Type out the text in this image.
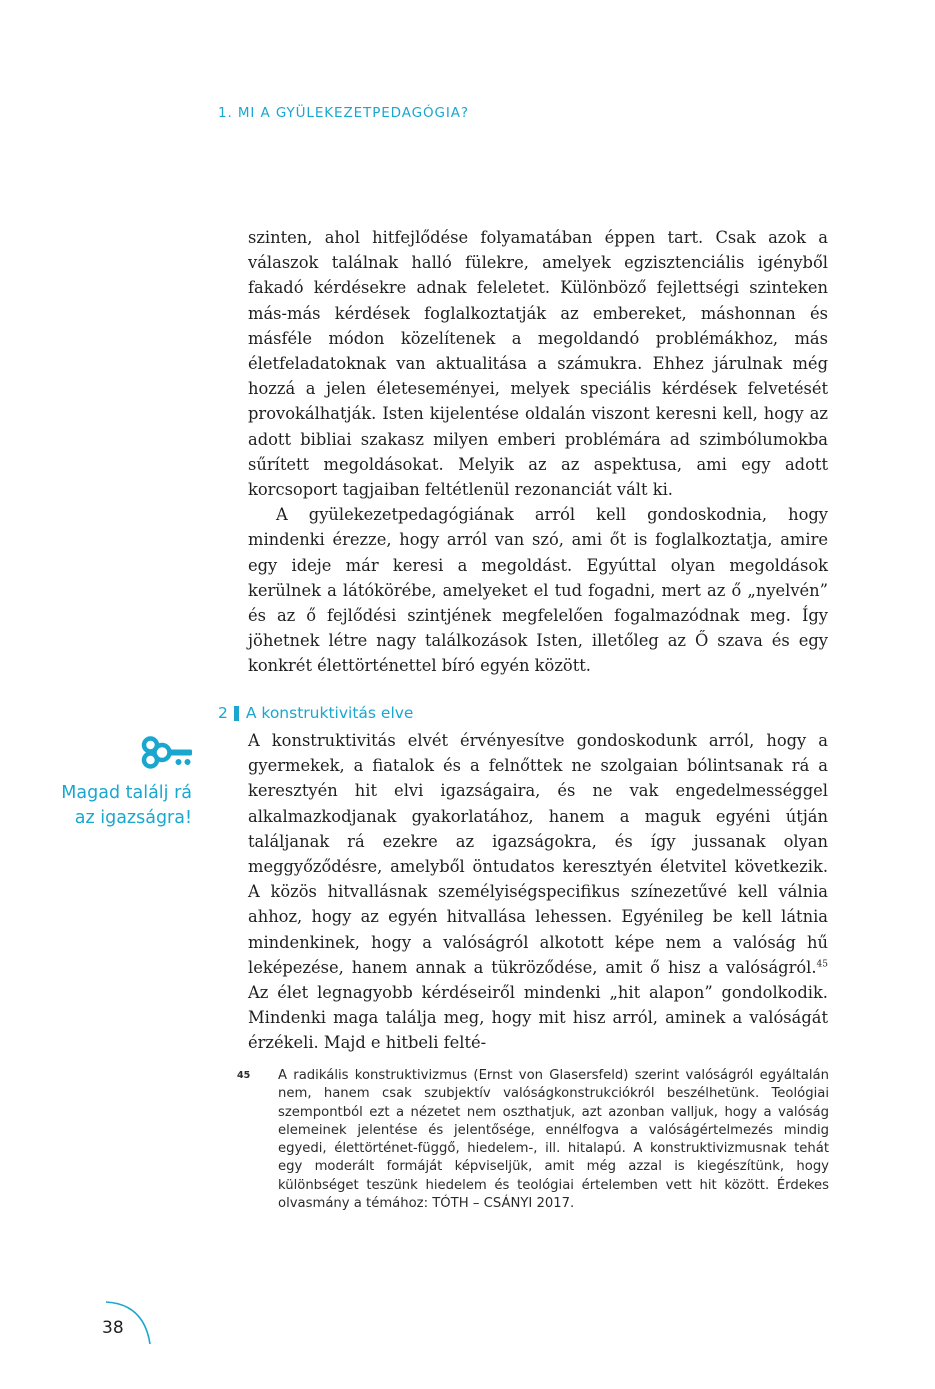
1. MI A GYÜLEKEZETPEDAGÓGIA?

szinten, ahol hitfejlődése folyamatában éppen tart. Csak azok a válaszok találnak halló fülekre, amelyek egzisztenciális igényből fakadó kérdésekre adnak feleletet. Különböző fejlettségi szinteken más-más kérdések foglalkoztatják az embereket, máshonnan és másféle módon közelítenek a megoldandó problémákhoz, más életfeladatoknak van aktualitása a számukra. Ehhez járulnak még hozzá a jelen életeseményei, melyek speciális kérdések felvetését provokálhatják. Isten kijelentése oldalán viszont keresni kell, hogy az adott bibliai szakasz milyen emberi problémára ad szimbólumokba sűrített megoldásokat. Melyik az az aspektusa, ami egy adott korcsoport tagjaiban feltétlenül rezonanciát vált ki.

A gyülekezetpedagógiának arról kell gondoskodnia, hogy mindenki érezze, hogy arról van szó, ami őt is foglalkoztatja, amire egy ideje már keresi a megoldást. Egyúttal olyan megoldások kerülnek a látókörébe, amelyeket el tud fogadni, mert az ő „nyelvén” és az ő fejlődési szintjének megfelelően fogalmazódnak meg. Így jöhetnek létre nagy találkozások Isten, illetőleg az Ő szava és egy konkrét élettörténettel bíró egyén között.

2 A konstruktivitás elve
Magad találj rá
az igazságra!

A konstruktivitás elvét érvényesítve gondoskodunk arról, hogy a gyermekek, a fiatalok és a felnőttek ne szolgaian bólintsanak rá a keresztyén hit elvi igazságaira, és ne vak engedelmességgel alkalmazkodjanak gyakorlatához, hanem a maguk egyéni útján találjanak rá ezekre az igazságokra, és így jussanak olyan meggyőződésre, amelyből öntudatos keresztyén életvitel következik. A közös hitvallásnak személyiségspecifikus színezetűvé kell válnia ahhoz, hogy az egyén hitvallása lehessen. Egyénileg be kell látnia mindenkinek, hogy a valóságról alkotott képe nem a valóság hű leképezése, hanem annak a tükröződése, amit ő hisz a valóságról.$^{45}$ Az élet legnagyobb kérdéseiről mindenki „hit alapon” gondolkodik. Mindenki maga találja meg, hogy mit hisz arról, aminek a valóságát érzékeli. Majd e hitbeli felté-

45 A radikális konstruktivizmus (Ernst von Glasersfeld) szerint valóságról egyáltalán nem, hanem csak szubjektív valóságkonstrukciókról beszélhetünk. Teológiai szempontból ezt a nézetet nem oszthatjuk, azt azonban valljuk, hogy a valóság elemeinek jelentése és jelentősége, ennélfogva a valóságértelmezés mindig egyedi, élettörténet-függő, hiedelem-, ill. hitalapú. A konstruktivizmusnak tehát egy moderált formáját képviseljük, amit még azzal is kiegészítünk, hogy különbséget teszünk hiedelem és teológiai értelemben vett hit között. Érdekes olvasmány a témához: TÓTH – CSÁNYI 2017.
38
